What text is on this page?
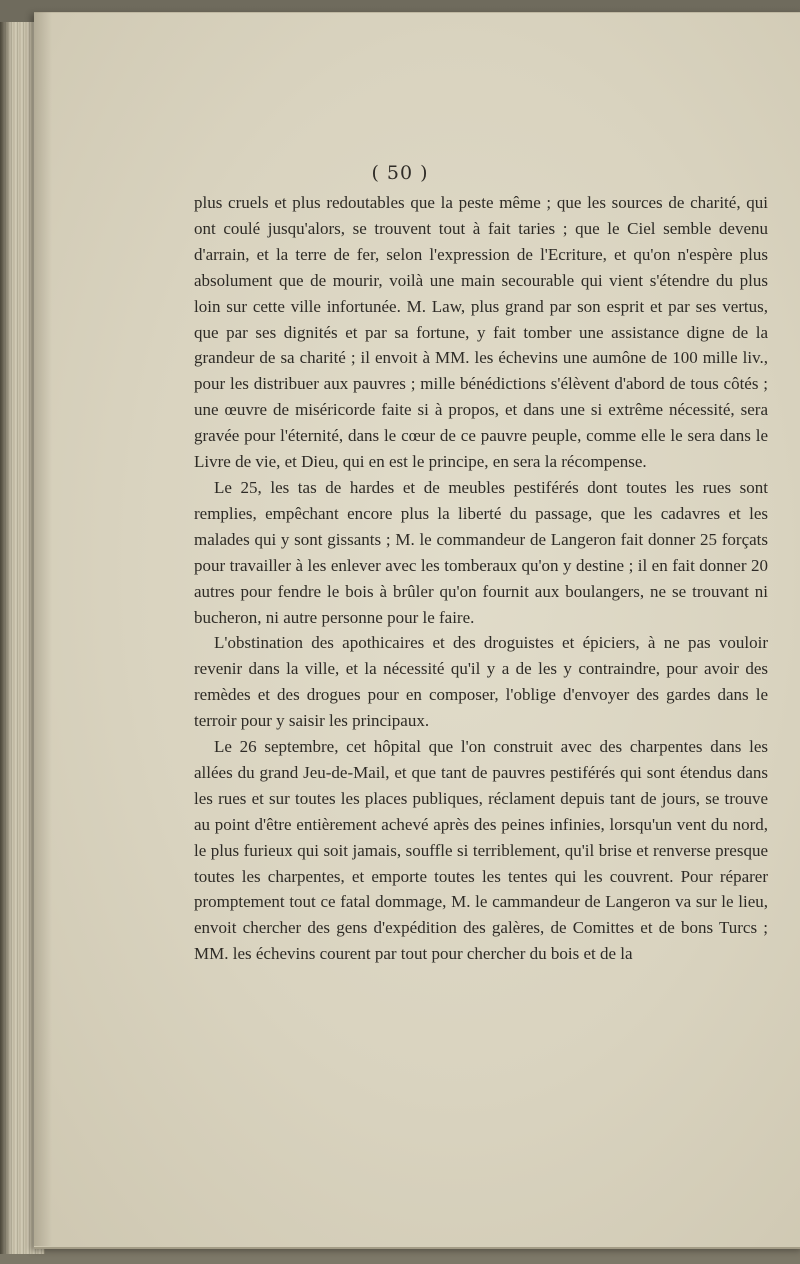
( 50 )

plus cruels et plus redoutables que la peste même ; que les sources de charité, qui ont coulé jusqu'alors, se trouvent tout à fait taries ; que le Ciel semble devenu d'arrain, et la terre de fer, selon l'expression de l'Ecriture, et qu'on n'espère plus absolument que de mourir, voilà une main secourable qui vient s'étendre du plus loin sur cette ville infortunée. M. Law, plus grand par son esprit et par ses vertus, que par ses dignités et par sa fortune, y fait tomber une assistance digne de la grandeur de sa charité ; il envoit à MM. les échevins une aumône de 100 mille liv., pour les distribuer aux pauvres ; mille bénédictions s'élèvent d'abord de tous côtés ; une œuvre de miséricorde faite si à propos, et dans une si extrême nécessité, sera gravée pour l'éternité, dans le cœur de ce pauvre peuple, comme elle le sera dans le Livre de vie, et Dieu, qui en est le principe, en sera la récompense.

Le 25, les tas de hardes et de meubles pestiférés dont toutes les rues sont remplies, empêchant encore plus la liberté du passage, que les cadavres et les malades qui y sont gissants ; M. le commandeur de Langeron fait donner 25 forçats pour travailler à les enlever avec les tomberaux qu'on y destine ; il en fait donner 20 autres pour fendre le bois à brûler qu'on fournit aux boulangers, ne se trouvant ni bucheron, ni autre personne pour le faire.

L'obstination des apothicaires et des droguistes et épiciers, à ne pas vouloir revenir dans la ville, et la nécessité qu'il y a de les y contraindre, pour avoir des remèdes et des drogues pour en composer, l'oblige d'envoyer des gardes dans le terroir pour y saisir les principaux.

Le 26 septembre, cet hôpital que l'on construit avec des charpentes dans les allées du grand Jeu-de-Mail, et que tant de pauvres pestiférés qui sont étendus dans les rues et sur toutes les places publiques, réclament depuis tant de jours, se trouve au point d'être entièrement achevé après des peines infinies, lorsqu'un vent du nord, le plus furieux qui soit jamais, souffle si terriblement, qu'il brise et renverse presque toutes les charpentes, et emporte toutes les tentes qui les couvrent. Pour réparer promptement tout ce fatal dommage, M. le cammandeur de Langeron va sur le lieu, envoit chercher des gens d'expédition des galères, de Comittes et de bons Turcs ; MM. les échevins courent par tout pour chercher du bois et de la
